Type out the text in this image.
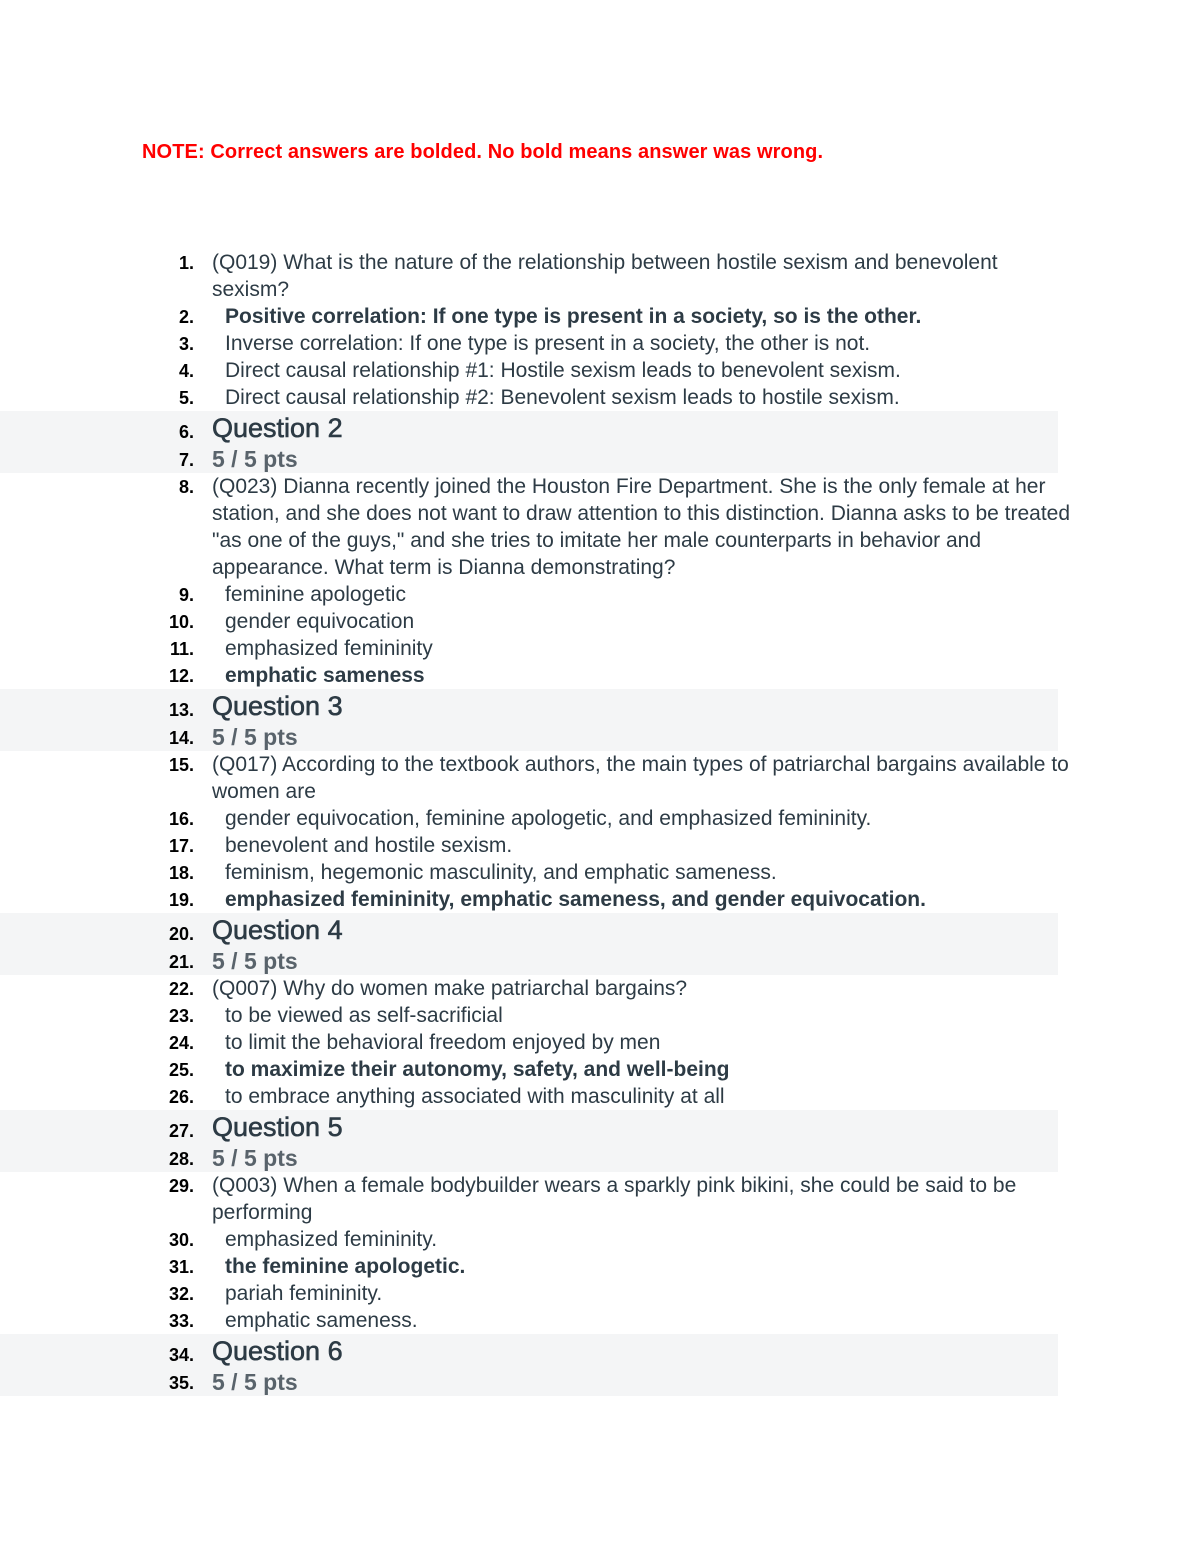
NOTE: Correct answers are bolded. No bold means answer was wrong.
1. (Q019) What is the nature of the relationship between hostile sexism and benevolent sexism?
2. Positive correlation: If one type is present in a society, so is the other.
3. Inverse correlation: If one type is present in a society, the other is not.
4. Direct causal relationship #1: Hostile sexism leads to benevolent sexism.
5. Direct causal relationship #2: Benevolent sexism leads to hostile sexism.
6. Question 2
7. 5 / 5 pts
8. (Q023) Dianna recently joined the Houston Fire Department. She is the only female at her station, and she does not want to draw attention to this distinction. Dianna asks to be treated "as one of the guys," and she tries to imitate her male counterparts in behavior and appearance. What term is Dianna demonstrating?
9. feminine apologetic
10. gender equivocation
11. emphasized femininity
12. emphatic sameness
13. Question 3
14. 5 / 5 pts
15. (Q017) According to the textbook authors, the main types of patriarchal bargains available to women are
16. gender equivocation, feminine apologetic, and emphasized femininity.
17. benevolent and hostile sexism.
18. feminism, hegemonic masculinity, and emphatic sameness.
19. emphasized femininity, emphatic sameness, and gender equivocation.
20. Question 4
21. 5 / 5 pts
22. (Q007) Why do women make patriarchal bargains?
23. to be viewed as self-sacrificial
24. to limit the behavioral freedom enjoyed by men
25. to maximize their autonomy, safety, and well-being
26. to embrace anything associated with masculinity at all
27. Question 5
28. 5 / 5 pts
29. (Q003) When a female bodybuilder wears a sparkly pink bikini, she could be said to be performing
30. emphasized femininity.
31. the feminine apologetic.
32. pariah femininity.
33. emphatic sameness.
34. Question 6
35. 5 / 5 pts
